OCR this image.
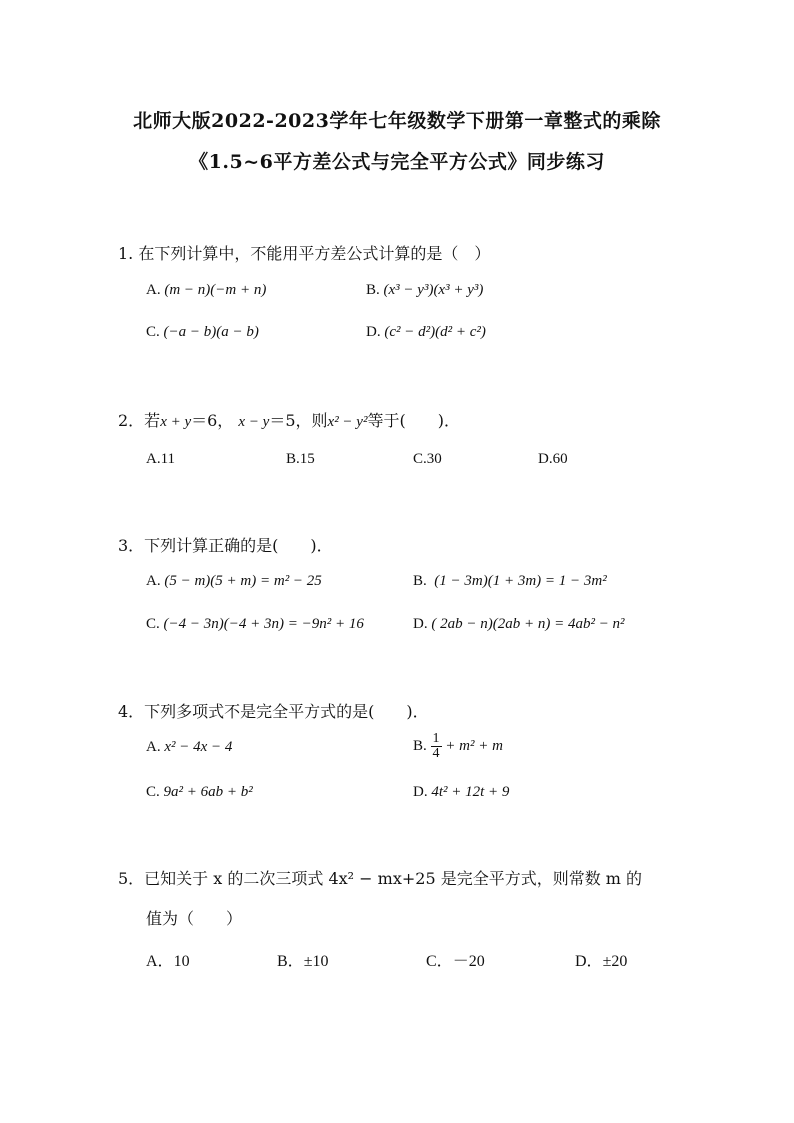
北师大版2022-2023学年七年级数学下册第一章整式的乘除
《1.5~6平方差公式与完全平方公式》同步练习
1. 在下列计算中，不能用平方差公式计算的是（　）
A. (m − n)(−m + n)	B. (x³ − y³)(x³ + y³)
C. (−a − b)(a − b)	D. (c² − d²)(d² + c²)
2．若x + y＝6， x − y＝5，则x² − y²等于(　　)．
A.11	B.15	C.30	D.60
3．下列计算正确的是(　　)．
A. (5 − m)(5 + m) = m² − 25	B. (1 − 3m)(1 + 3m) = 1 − 3m²
C. (−4 − 3n)(−4 + 3n) = −9n² + 16	D. ( 2ab − n)(2ab + n) = 4ab² − n²
4．下列多项式不是完全平方式的是(　　)．
A. x² − 4x − 4	B. $\frac{1}{4} + m^2 + m$
C. 9a² + 6ab + b²	D. 4t² + 12t + 9
5．已知关于 x 的二次三项式 4x² − mx+25 是完全平方式，则常数 m 的
值为（　　）
A．10	B．±10	C．－20	D．±20
